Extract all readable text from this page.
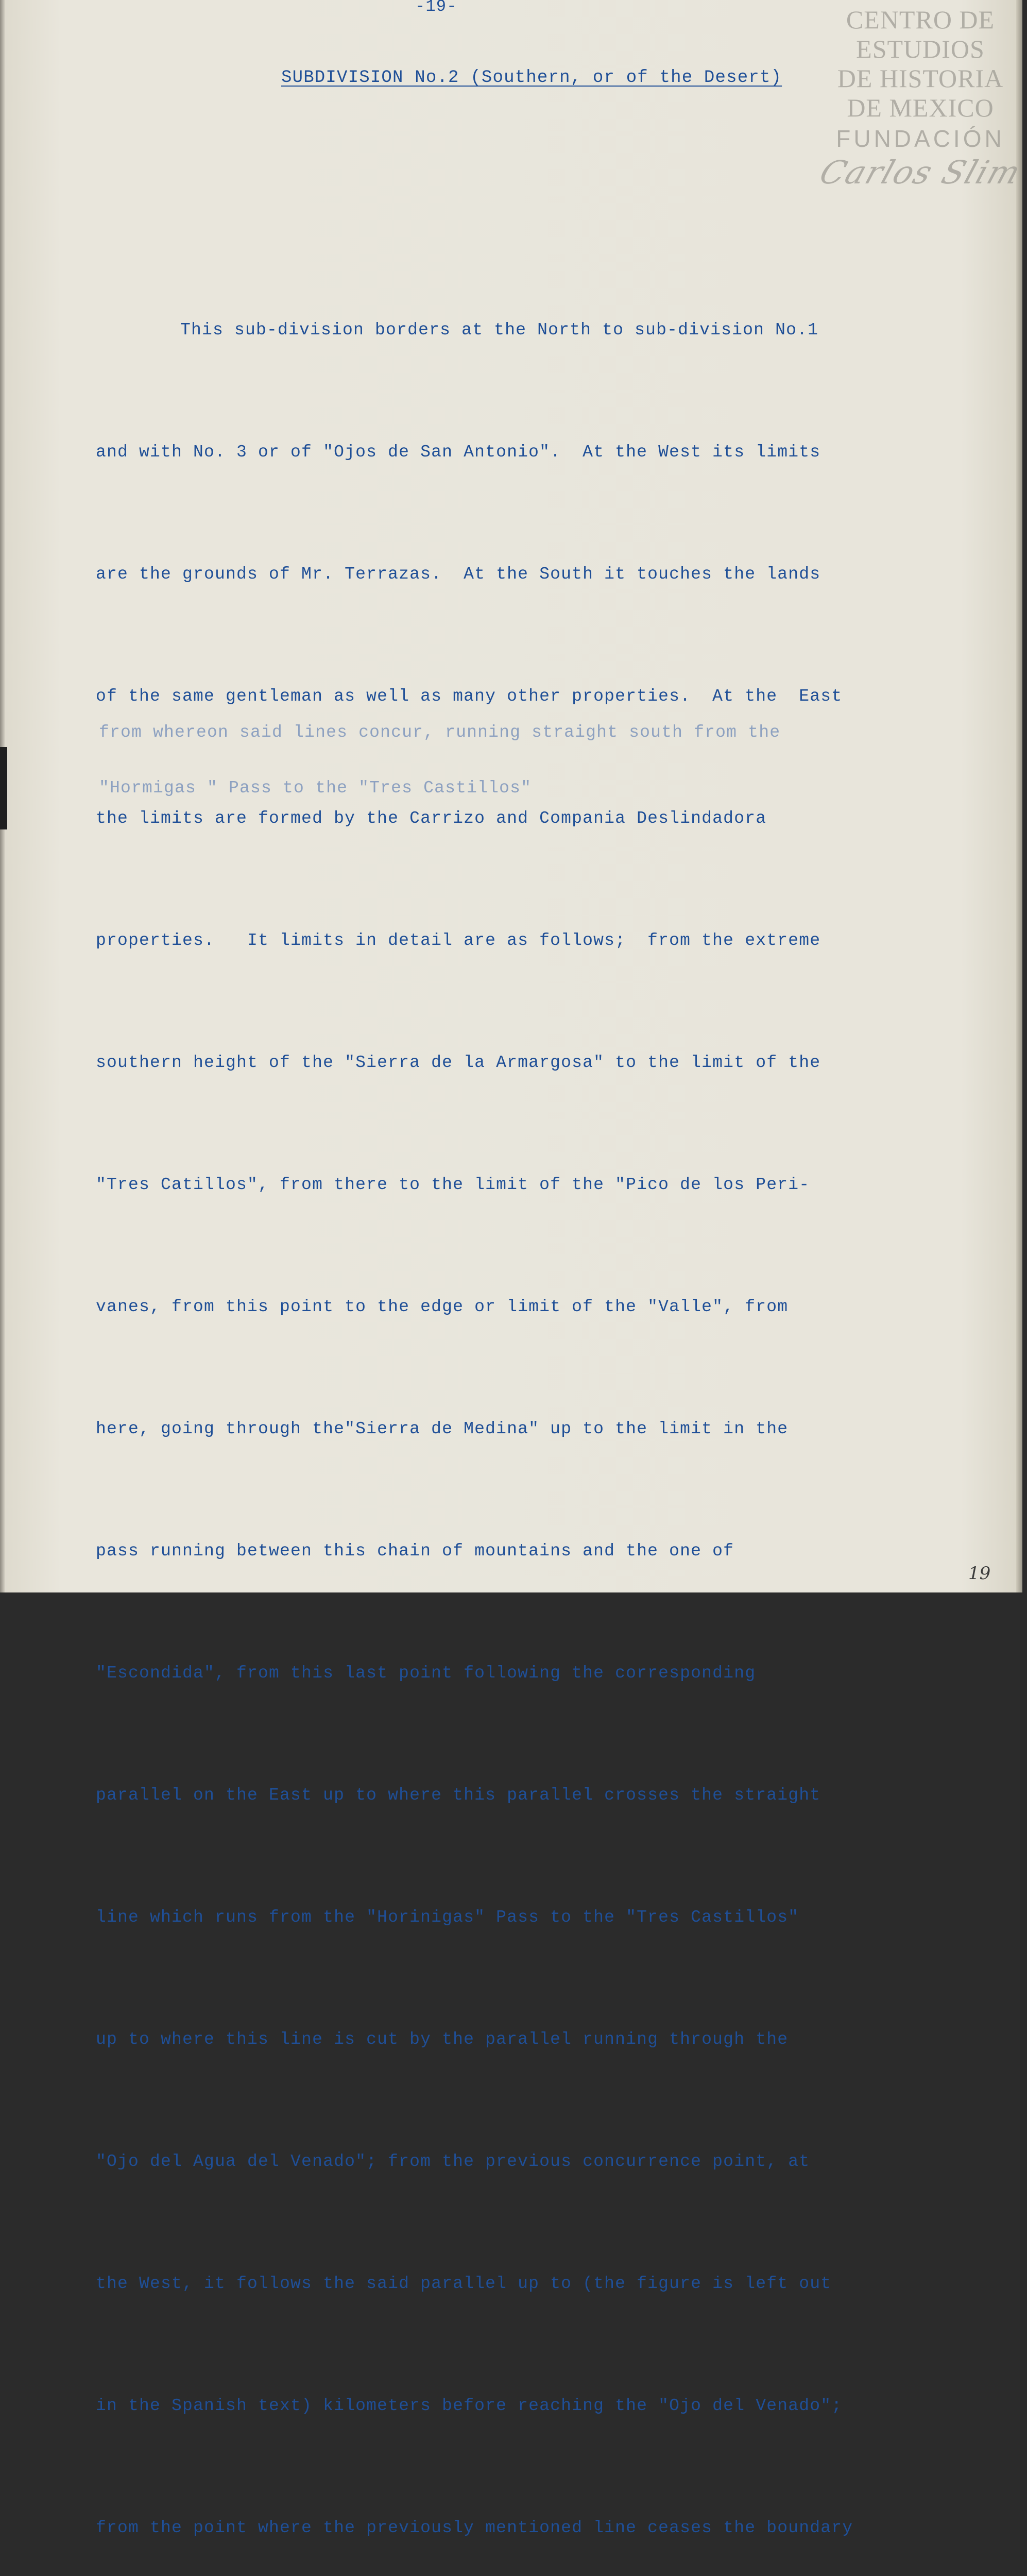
-19-
SUBDIVISION No.2 (Southern, or of the Desert)

This sub-division borders at the North to sub-division No.1

and with No. 3 or of "Ojos de San Antonio".  At the West its limits

are the grounds of Mr. Terrazas.  At the South it touches the lands

of the same gentleman as well as many other properties.  At the  East

the limits are formed by the Carrizo and Compania Deslindadora

properties.   It limits in detail are as follows;  from the extreme

southern height of the "Sierra de la Armargosa" to the limit of the

"Tres Catillos", from there to the limit of the "Pico de los Peri-

vanes, from this point to the edge or limit of the "Valle", from

here, going through the"Sierra de Medina" up to the limit in the

pass running between this chain of mountains and the one of

"Escondida", from this last point following the corresponding

parallel on the East up to where this parallel crosses the straight

line which runs from the "Horinigas" Pass to the "Tres Castillos"

up to where this line is cut by the parallel running through the

"Ojo del Agua del Venado"; from the previous concurrence point, at

the West, it follows the said parallel up to (the figure is left out

in the Spanish text) kilometers before reaching the "Ojo del Venado";

from the point where the previously mentioned line ceases the boundary

from whereon said lines concur, running straight south from the

"Hormigas " Pass to the "Tres Castillos"

CENTRO DE
ESTUDIOS
DE HISTORIA
DE MEXICO
FUNDACIÓN
Carlos Slim
19
